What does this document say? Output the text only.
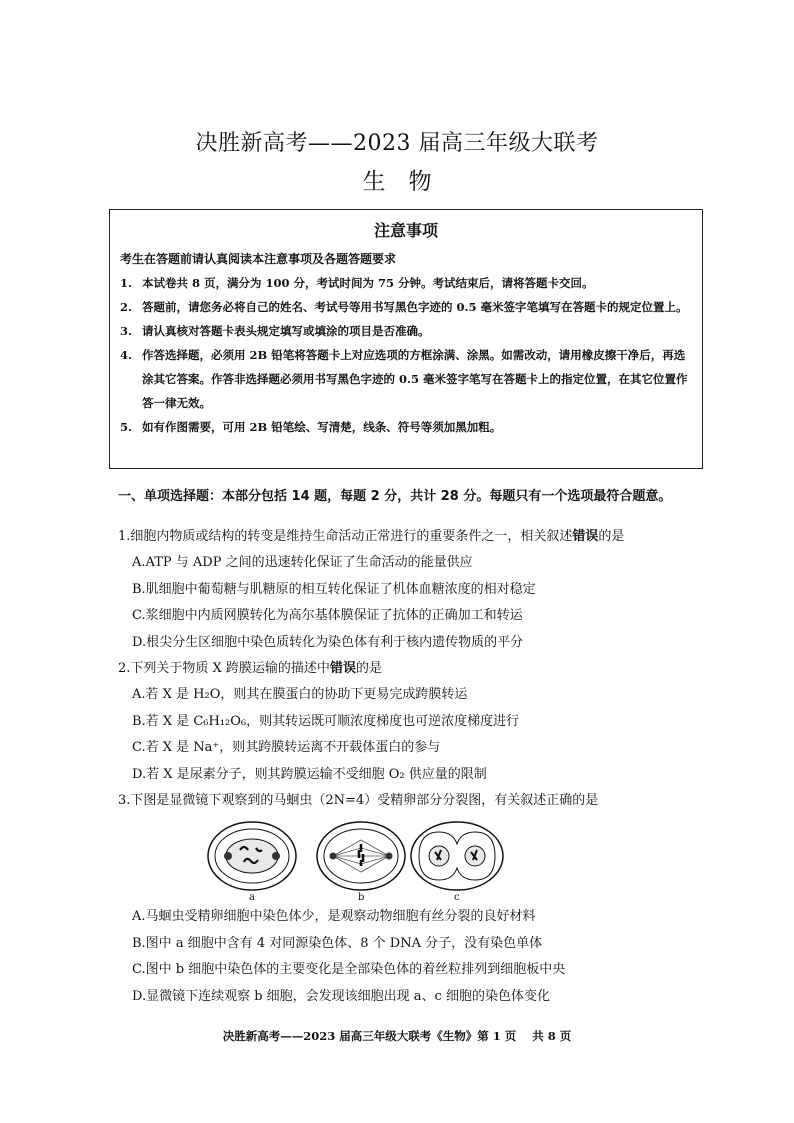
决胜新高考——2023 届高三年级大联考
生　物
注意事项
考生在答题前请认真阅读本注意事项及各题答题要求
1. 本试卷共 8 页，满分为 100 分，考试时间为 75 分钟。考试结束后，请将答题卡交回。
2. 答题前，请您务必将自己的姓名、考试号等用书写黑色字迹的 0.5 毫米签字笔填写在答题卡的规定位置上。
3. 请认真核对答题卡表头规定填写或填涂的项目是否准确。
4. 作答选择题，必须用 2B 铅笔将答题卡上对应选项的方框涂满、涂黑。如需改动，请用橡皮擦干净后，再选涂其它答案。作答非选择题必须用书写黑色字迹的 0.5 毫米签字笔写在答题卡上的指定位置，在其它位置作答一律无效。
5. 如有作图需要，可用 2B 铅笔绘、写清楚，线条、符号等须加黑加粗。
一、单项选择题：本部分包括 14 题，每题 2 分，共计 28 分。每题只有一个选项最符合题意。
1.细胞内物质或结构的转变是维持生命活动正常进行的重要条件之一，相关叙述错误的是
A.ATP 与 ADP 之间的迅速转化保证了生命活动的能量供应
B.肌细胞中葡萄糖与肌糖原的相互转化保证了机体血糖浓度的相对稳定
C.浆细胞中内质网膜转化为高尔基体膜保证了抗体的正确加工和转运
D.根尖分生区细胞中染色质转化为染色体有利于核内遗传物质的平分
2.下列关于物质 X 跨膜运输的描述中错误的是
A.若 X 是 H₂O，则其在膜蛋白的协助下更易完成跨膜转运
B.若 X 是 C₆H₁₂O₆，则其转运既可顺浓度梯度也可逆浓度梯度进行
C.若 X 是 Na⁺，则其跨膜转运离不开载体蛋白的参与
D.若 X 是尿素分子，则其跨膜运输不受细胞 O₂ 供应量的限制
3.下图是显微镜下观察到的马蛔虫（2N=4）受精卵部分分裂图，有关叙述正确的是
a	b	c
A.马蛔虫受精卵细胞中染色体少，是观察动物细胞有丝分裂的良好材料
B.图中 a 细胞中含有 4 对同源染色体、8 个 DNA 分子，没有染色单体
C.图中 b 细胞中染色体的主要变化是全部染色体的着丝粒排列到细胞板中央
D.显微镜下连续观察 b 细胞，会发现该细胞出现 a、c 细胞的染色体变化
决胜新高考——2023 届高三年级大联考《生物》第 1 页 共 8 页
